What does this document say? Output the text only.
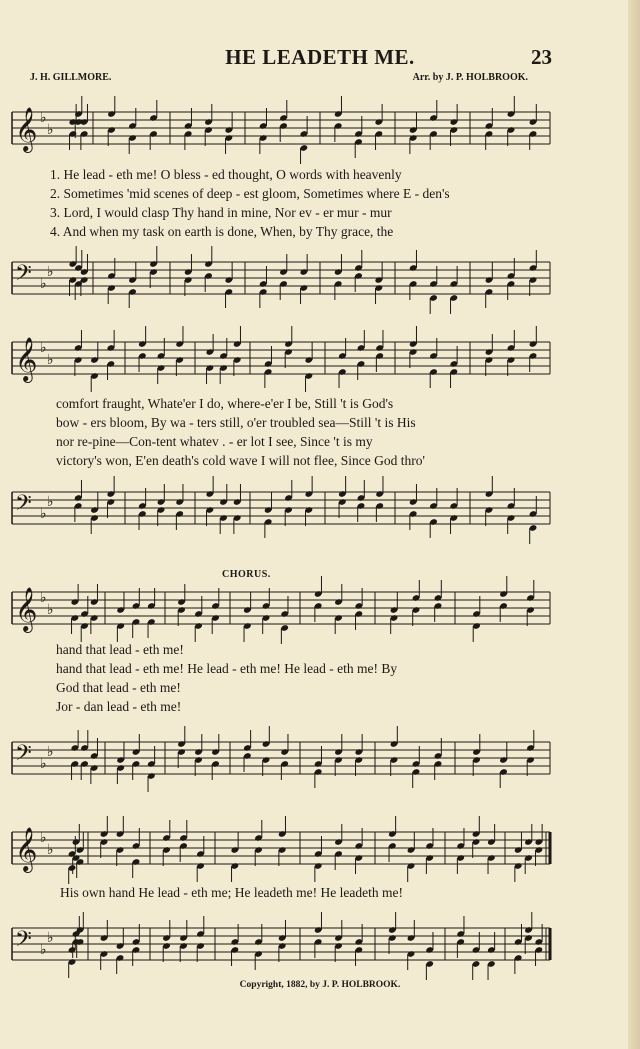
HE LEADETH ME.	23
J. H. GILLMORE.	Arr. by J. P. HOLBROOK.
𝄞 ♭
♭
1. He lead - eth me! O bless - ed thought, O words with heavenly
2. Sometimes 'mid scenes of deep - est gloom, Sometimes where E - den's
3. Lord, I would clasp Thy hand in mine, Nor ev - er mur - mur
4. And when my task on earth is done, When, by Thy grace, the
𝄢 ♭
♭
𝄞 ♭
♭
comfort fraught, Whate'er I do, where-e'er I be, Still 't is God's
bow - ers bloom, By wa - ters still, o'er troubled sea—Still 't is His
nor re-pine—Con-tent whatev . - er lot I see, Since 't is my
victory's won, E'en death's cold wave I will not flee, Since God thro'
𝄢 ♭
♭
CHORUS.
𝄞 ♭
♭
hand that lead - eth me!
hand that lead - eth me! He lead - eth me! He lead - eth me! By
God that lead - eth me!
Jor - dan lead - eth me!
𝄢 ♭
♭
𝄞 ♭
♭
His own hand He lead - eth me; He leadeth me! He leadeth me!
𝄢 ♭
♭
Copyright, 1882, by J. P. HOLBROOK.
